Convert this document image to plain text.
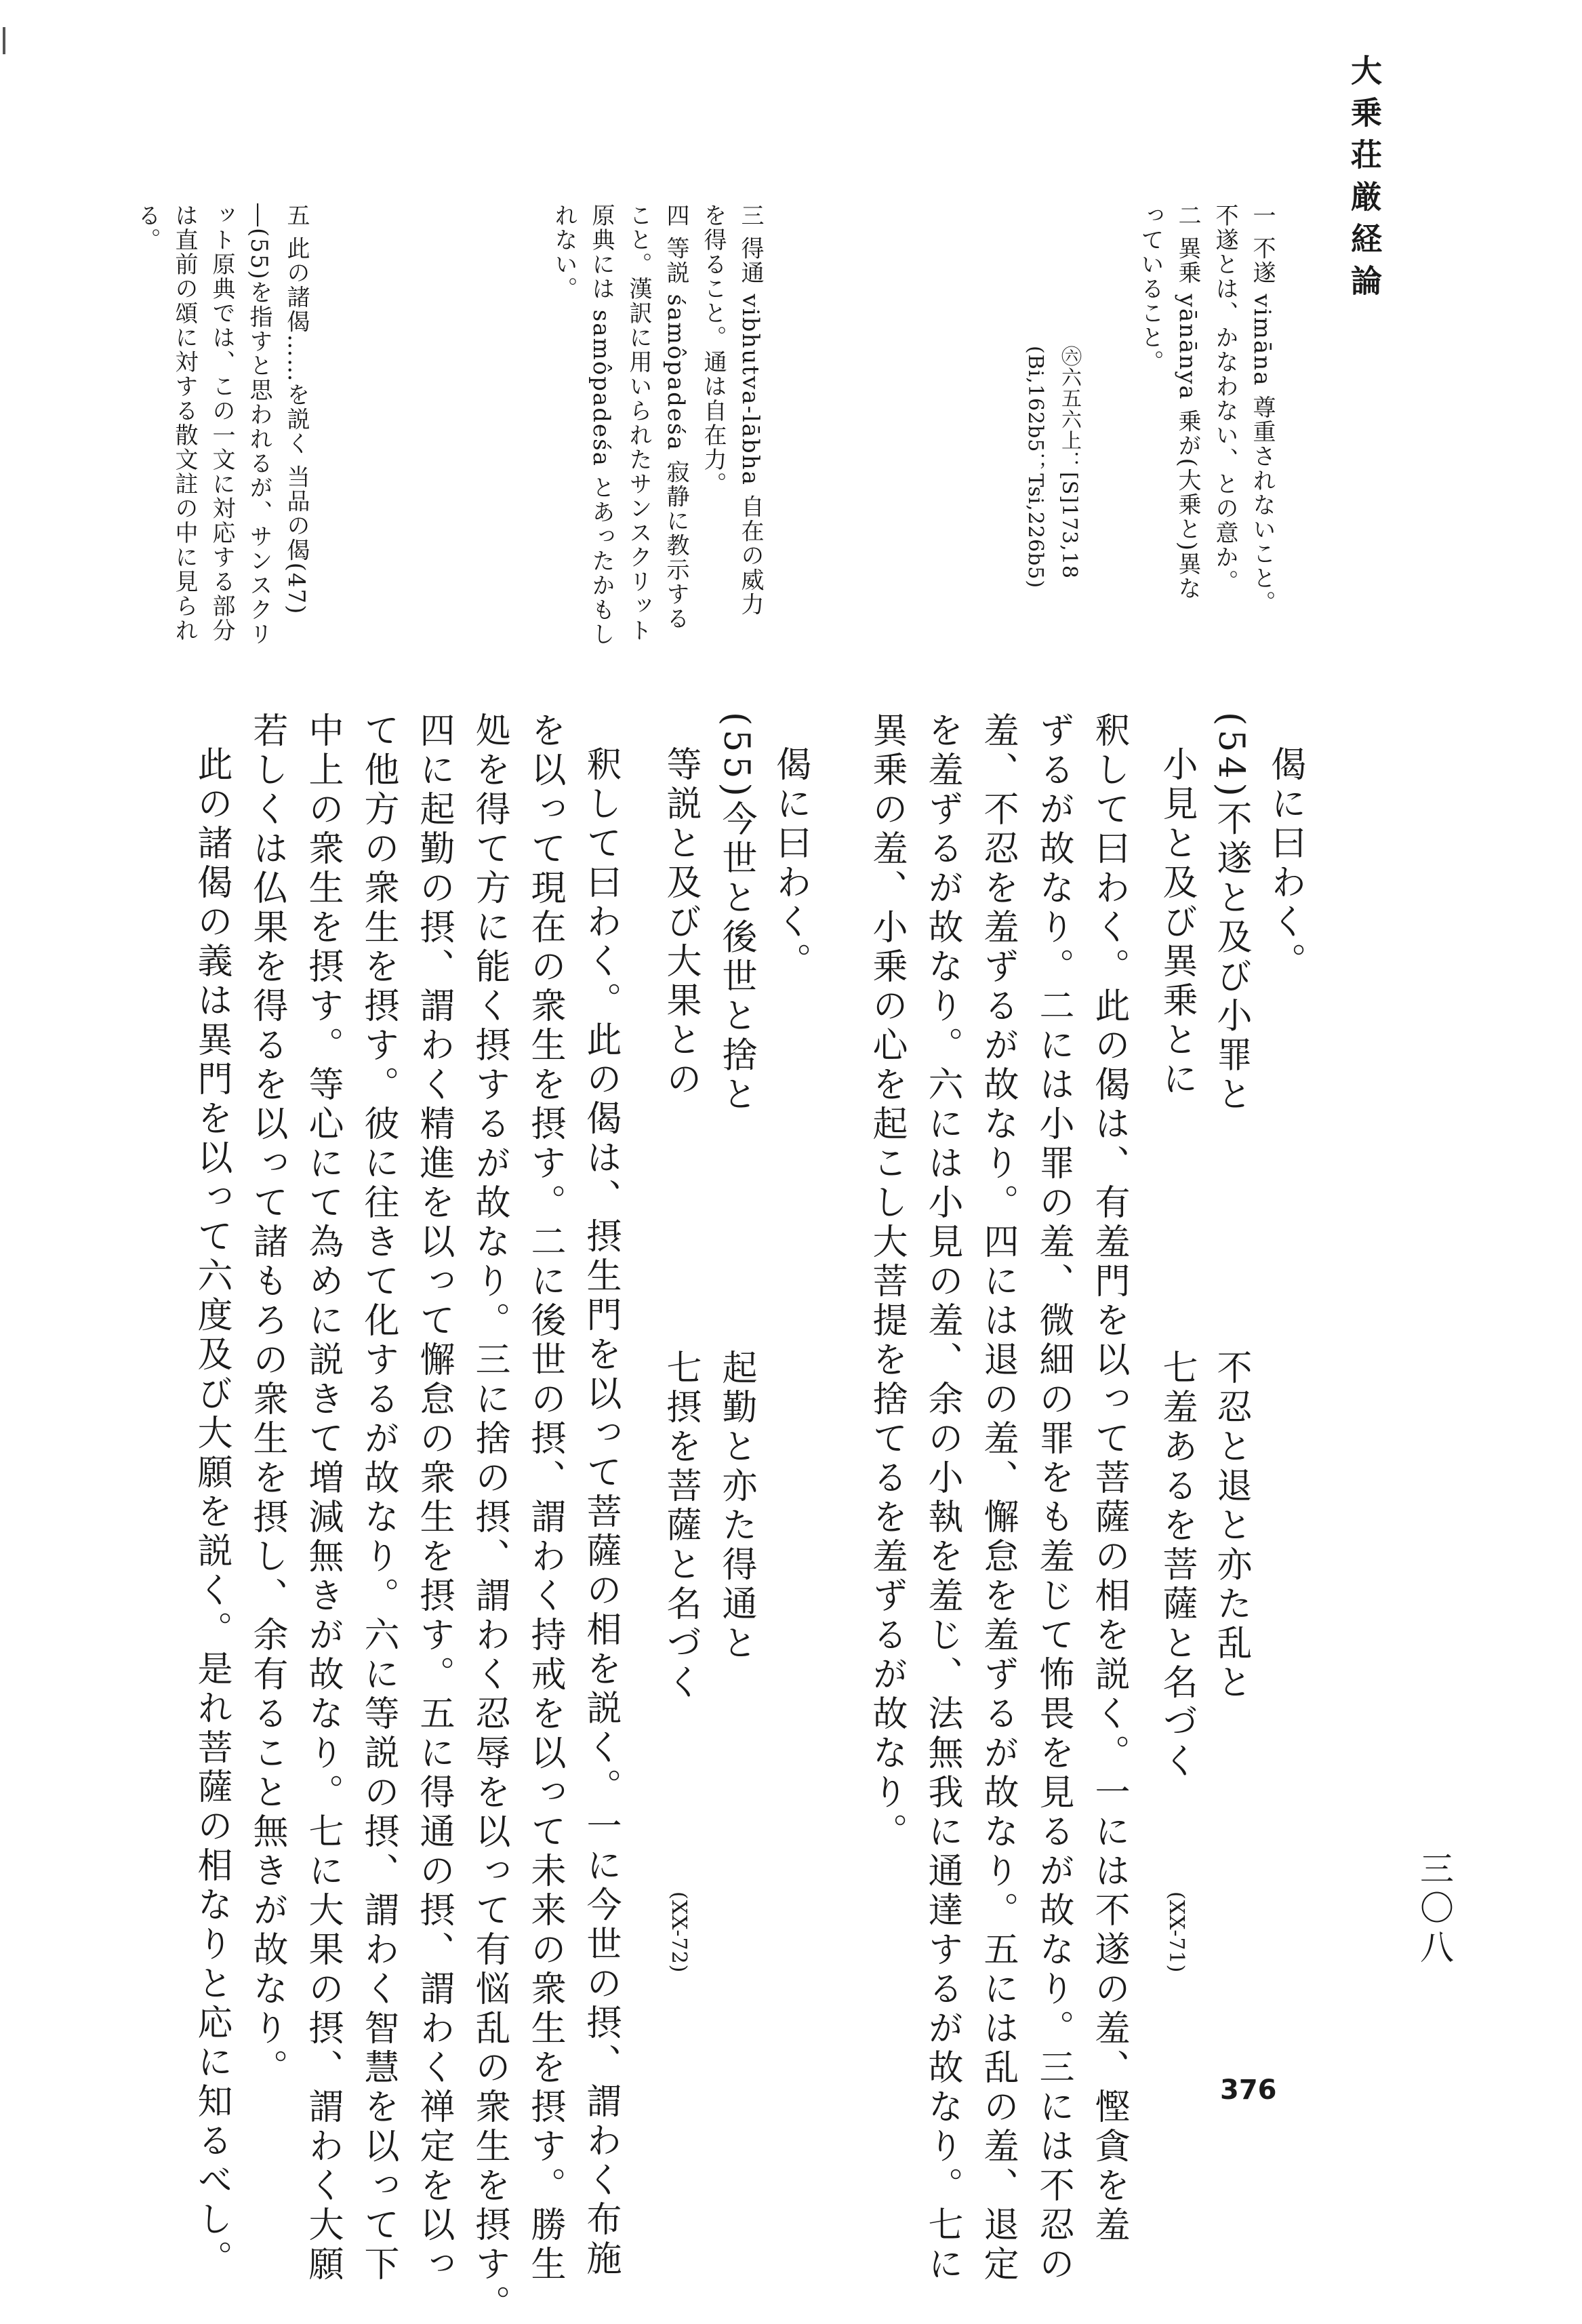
大乗荘厳経論
三〇八
376
偈に曰わく。
不忍と退と亦た乱と
七羞あるを菩薩と名づく
(54)不遂と及び小罪と
小見と及び異乗とに
(XX-71)
釈して曰わく。此の偈は、有羞門を以って菩薩の相を説く。一には不遂の羞、慳貪を羞
ずるが故なり。二には小罪の羞、微細の罪をも羞じて怖畏を見るが故なり。三には不忍の
羞、不忍を羞ずるが故なり。四には退の羞、懈怠を羞ずるが故なり。五には乱の羞、退定
を羞ずるが故なり。六には小見の羞、余の小執を羞じ、法無我に通達するが故なり。七に
異乗の羞、小乗の心を起こし大菩提を捨てるを羞ずるが故なり。
偈に曰わく。
起勤と亦た得通と
七摂を菩薩と名づく
(55)今世と後世と捨と
等説と及び大果との
(XX-72)
釈して曰わく。此の偈は、摂生門を以って菩薩の相を説く。一に今世の摂、謂わく布施
を以って現在の衆生を摂す。二に後世の摂、謂わく持戒を以って未来の衆生を摂す。勝生
処を得て方に能く摂するが故なり。三に捨の摂、謂わく忍辱を以って有悩乱の衆生を摂す。
四に起勤の摂、謂わく精進を以って懈怠の衆生を摂す。五に得通の摂、謂わく禅定を以っ
て他方の衆生を摂す。彼に往きて化するが故なり。六に等説の摂、謂わく智慧を以って下
中上の衆生を摂す。等心にて為めに説きて増減無きが故なり。七に大果の摂、謂わく大願
若しくは仏果を得るを以って諸もろの衆生を摂し、余有ること無きが故なり。
此の諸偈の義は異門を以って六度及び大願を説く。是れ菩薩の相なりと応に知るべし。
㊅六五六上：[S]173,18
(Bi,162b5；Tsi,226b5)	一 不遂 vimāna 尊重されないこと。
不遂とは、かなわない、との意か。
二 異乗 yānānya 乗が(大乗と)異な
っていること。
三 得通 vibhutva-lābha 自在の威力
を得ること。通は自在力。
四 等説 śamôpadeśa 寂静に教示する
こと。漢訳に用いられたサンスクリット
原典には samôpadeśa とあったかもし
れない。
五 此の諸偈……を説く 当品の偈(47)
―(55)を指すと思われるが、サンスクリ
ット原典では、この一文に対応する部分
は直前の頌に対する散文註の中に見られ
る。
